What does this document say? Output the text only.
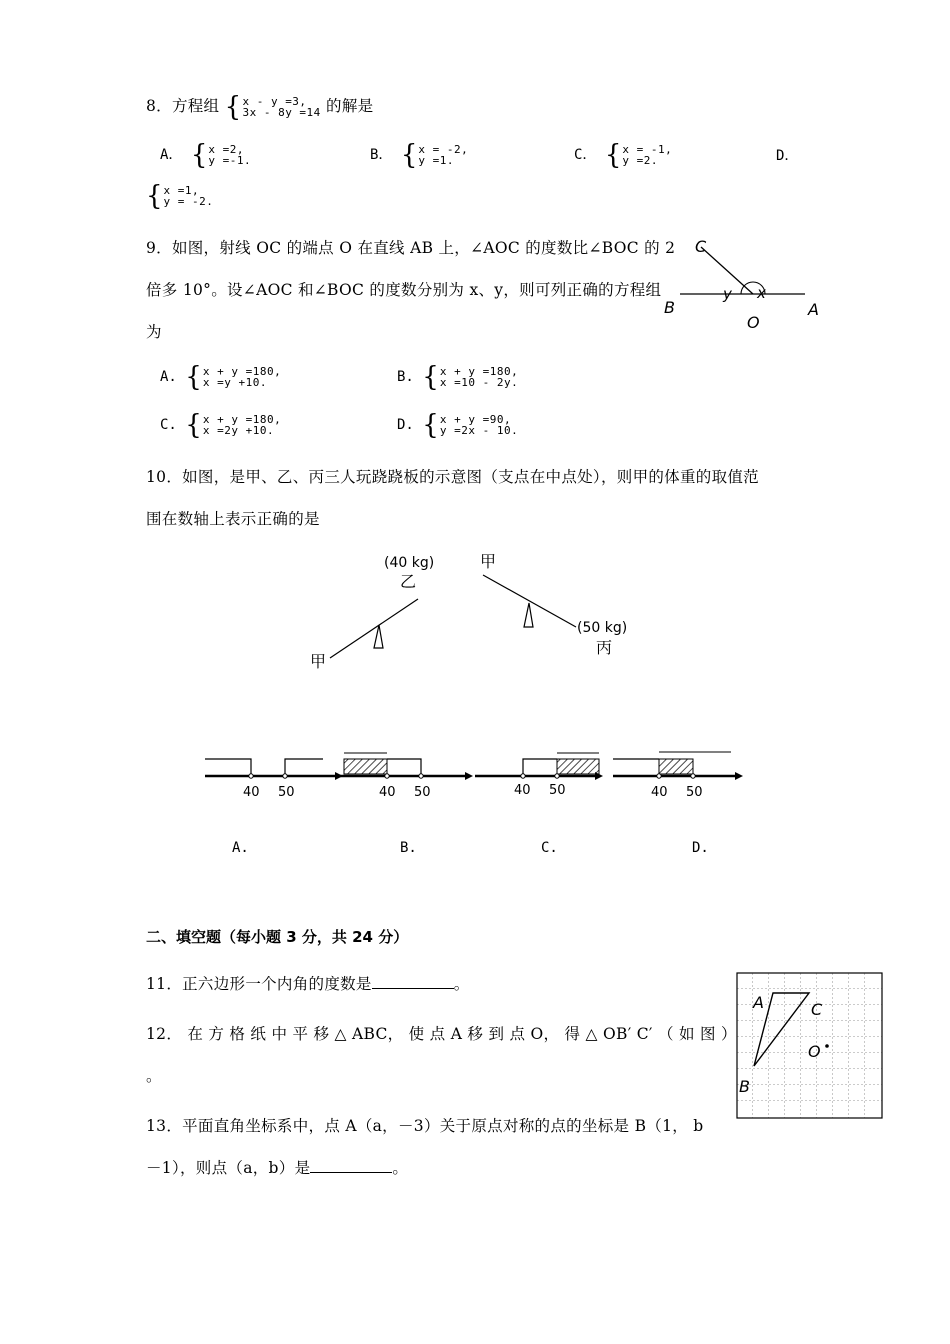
8．方程组 { x - y =3,
3x - 8y =14 的解是
A． { x =2,
y =-1.	B． { x = -2,
y =1.	C． { x = -1,
y =2.	D．
{ x =1,
y = -2.
9．如图，射线 OC 的端点 O 在直线 AB 上，∠AOC 的度数比∠BOC 的 2
倍多 10°。设∠AOC 和∠BOC 的度数分别为 x、y，则可列正确的方程组
为
C
B	A
O
y x
A. { x + y =180,
x =y +10.	B. { x + y =180,
x =10 - 2y.
C. { x + y =180,
x =2y +10.	D. { x + y =90,
y =2x - 10.
10．如图，是甲、乙、丙三人玩跷跷板的示意图（支点在中点处），则甲的体重的取值范
围在数轴上表示正确的是
(40 kg)
乙
甲
甲
(50 kg)
丙
40 50	40 50	40 50	40 50
A.	B.	C.	D.
二、填空题（每小题 3 分，共 24 分）
11．正六边形一个内角的度数是	。
12． 在 方 格 纸 中 平 移 △ ABC， 使 点 A 移 到 点 O， 得 △ OB′ C′ （ 如 图 ）
。
A	C
O
B
13．平面直角坐标系中，点 A（a，－3）关于原点对称的点的坐标是 B（1， b
－1），则点（a，b）是	。
